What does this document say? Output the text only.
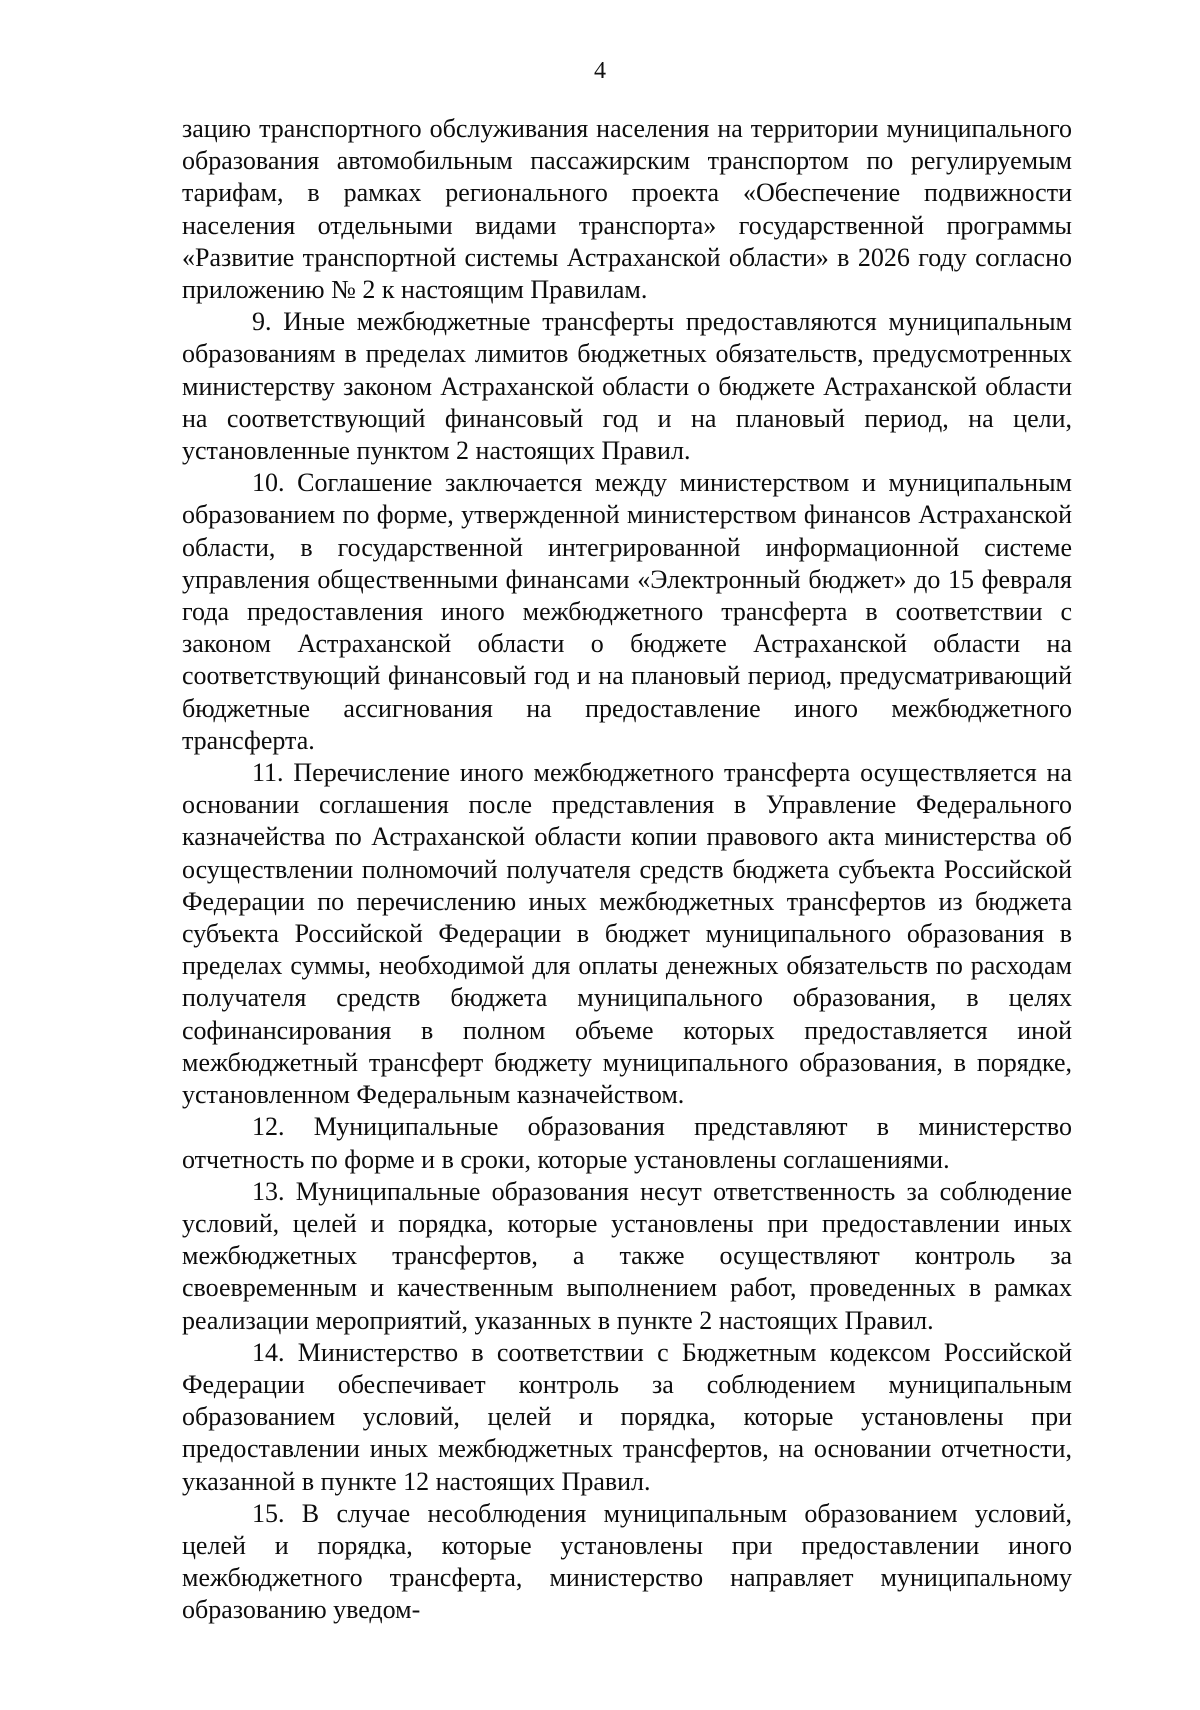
4

зацию транспортного обслуживания населения на территории муниципального образования автомобильным пассажирским транспортом по регулируемым тарифам, в рамках регионального проекта «Обеспечение подвижности населения отдельными видами транспорта» государственной программы «Развитие транспортной системы Астраханской области» в 2026 году согласно приложению № 2 к настоящим Правилам.

9. Иные межбюджетные трансферты предоставляются муниципальным образованиям в пределах лимитов бюджетных обязательств, предусмотренных министерству законом Астраханской области о бюджете Астраханской области на соответствующий финансовый год и на плановый период, на цели, установленные пунктом 2 настоящих Правил.

10. Соглашение заключается между министерством и муниципальным образованием по форме, утвержденной министерством финансов Астраханской области, в государственной интегрированной информационной системе управления общественными финансами «Электронный бюджет» до 15 февраля года предоставления иного межбюджетного трансферта в соответствии с законом Астраханской области о бюджете Астраханской области на соответствующий финансовый год и на плановый период, предусматривающий бюджетные ассигнования на предоставление иного межбюджетного трансферта.

11. Перечисление иного межбюджетного трансферта осуществляется на основании соглашения после представления в Управление Федерального казначейства по Астраханской области копии правового акта министерства об осуществлении полномочий получателя средств бюджета субъекта Российской Федерации по перечислению иных межбюджетных трансфертов из бюджета субъекта Российской Федерации в бюджет муниципального образования в пределах суммы, необходимой для оплаты денежных обязательств по расходам получателя средств бюджета муниципального образования, в целях софинансирования в полном объеме которых предоставляется иной межбюджетный трансферт бюджету муниципального образования, в порядке, установленном Федеральным казначейством.

12. Муниципальные образования представляют в министерство отчетность по форме и в сроки, которые установлены соглашениями.

13. Муниципальные образования несут ответственность за соблюдение условий, целей и порядка, которые установлены при предоставлении иных межбюджетных трансфертов, а также осуществляют контроль за своевременным и качественным выполнением работ, проведенных в рамках реализации мероприятий, указанных в пункте 2 настоящих Правил.

14. Министерство в соответствии с Бюджетным кодексом Российской Федерации обеспечивает контроль за соблюдением муниципальным образованием условий, целей и порядка, которые установлены при предоставлении иных межбюджетных трансфертов, на основании отчетности, указанной в пункте 12 настоящих Правил.

15. В случае несоблюдения муниципальным образованием условий, целей и порядка, которые установлены при предоставлении иного межбюджетного трансферта, министерство направляет муниципальному образованию уведом-
